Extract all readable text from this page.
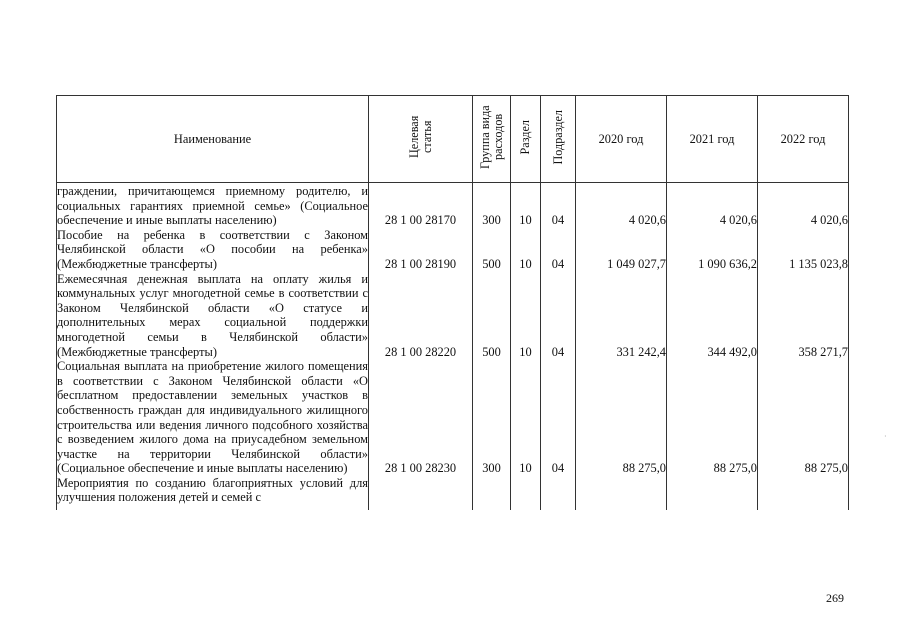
Наименование	Целевая статья	Группа вида расходов	Раздел	Подраздел	2020 год	2021 год	2022 год
граждении, причитающемся приемному родителю, и социальных гарантиях приемной семье» (Социальное обеспечение и иные выплаты населению)	28 1 00 28170	300	10	04	4 020,6	4 020,6	4 020,6
Пособие на ребенка в соответствии с Законом Челябинской области «О пособии на ребенка» (Межбюджетные трансферты)	28 1 00 28190	500	10	04	1 049 027,7	1 090 636,2	1 135 023,8
Ежемесячная денежная выплата на оплату жилья и коммунальных услуг многодетной семье в соответствии с Законом Челябинской области «О статусе и дополнительных мерах социальной поддержки многодетной семьи в Челябинской области» (Межбюджетные трансферты)	28 1 00 28220	500	10	04	331 242,4	344 492,0	358 271,7
Социальная выплата на приобретение жилого помещения в соответствии с Законом Челябинской области «О бесплатном предоставлении земельных участков в собственность граждан для индивидуального жилищного строительства или ведения личного подсобного хозяйства с возведением жилого дома на приусадебном земельном участке на территории Челябинской области» (Социальное обеспечение и иные выплаты населению)	28 1 00 28230	300	10	04	88 275,0	88 275,0	88 275,0
Мероприятия по созданию благоприятных условий для улучшения положения детей и семей с							
269
·
